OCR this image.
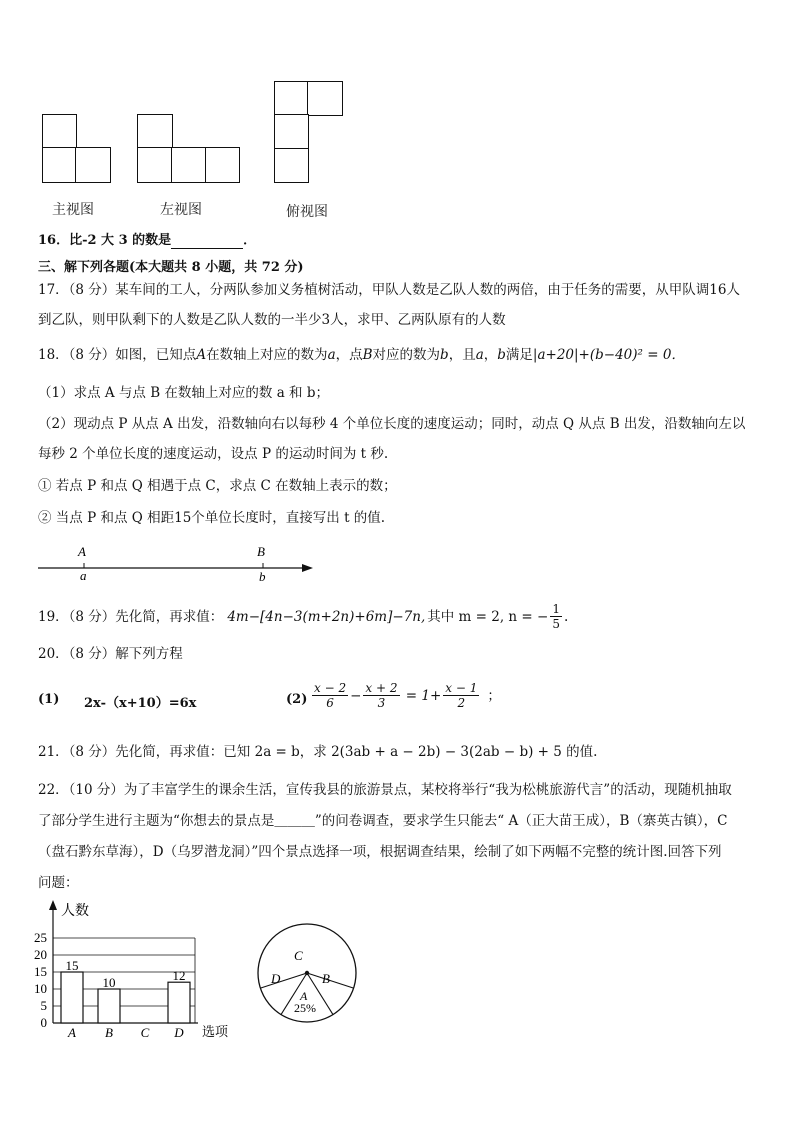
主视图	左视图	俯视图
16．比-2 大 3 的数是	．
三、解下列各题(本大题共 8 小题，共 72 分)
17．（8 分）某车间的工人，分两队参加义务植树活动，甲队人数是乙队人数的两倍，由于任务的需要，从甲队调16人
到乙队，则甲队剩下的人数是乙队人数的一半少3人，求甲、乙两队原有的人数
18．（8 分）如图，已知点A在数轴上对应的数为a，点B对应的数为b，且a，b满足|a+20|+(b−40)² = 0．
（1）求点 A 与点 B 在数轴上对应的数 a 和 b；
（2）现动点 P 从点 A 出发，沿数轴向右以每秒 4 个单位长度的速度运动；同时，动点 Q 从点 B 出发，沿数轴向左以
每秒 2 个单位长度的速度运动，设点 P 的运动时间为 t 秒.
① 若点 P 和点 Q 相遇于点 C，求点 C 在数轴上表示的数；
② 当点 P 和点 Q 相距15个单位长度时，直接写出 t 的值.
A	B
a	b
19．（8 分）先化简，再求值： 4m−[4n−3(m+2n)+6m]−7n, 其中 m = 2, n = − $\frac{1}{5}$ .
20．（8 分）解下列方程
(1) 2x-（x+10）=6x	$(2) \frac{x - 2}{6} - \frac{x + 2}{3} = 1+ \frac{x - 1}{2}$ ；
21．（8 分）先化简，再求值：已知 2a = b，求 2(3ab + a − 2b) − 3(2ab − b) + 5 的值.
22．（10 分）为了丰富学生的课余生活，宣传我县的旅游景点，某校将举行“我为松桃旅游代言”的活动，现随机抽取
了部分学生进行主题为“你想去的景点是＿＿＿”的问卷调查，要求学生只能去“ A（正大苗王成），B（寨英古镇），C
（盘石黔东草海），D（乌罗潜龙洞）”四个景点选择一项，根据调查结果，绘制了如下两幅不完整的统计图.回答下列
问题：
0
5
10
15
20
25
15
10	12
A B C D
人数
选项
C
B
A
25%
D
